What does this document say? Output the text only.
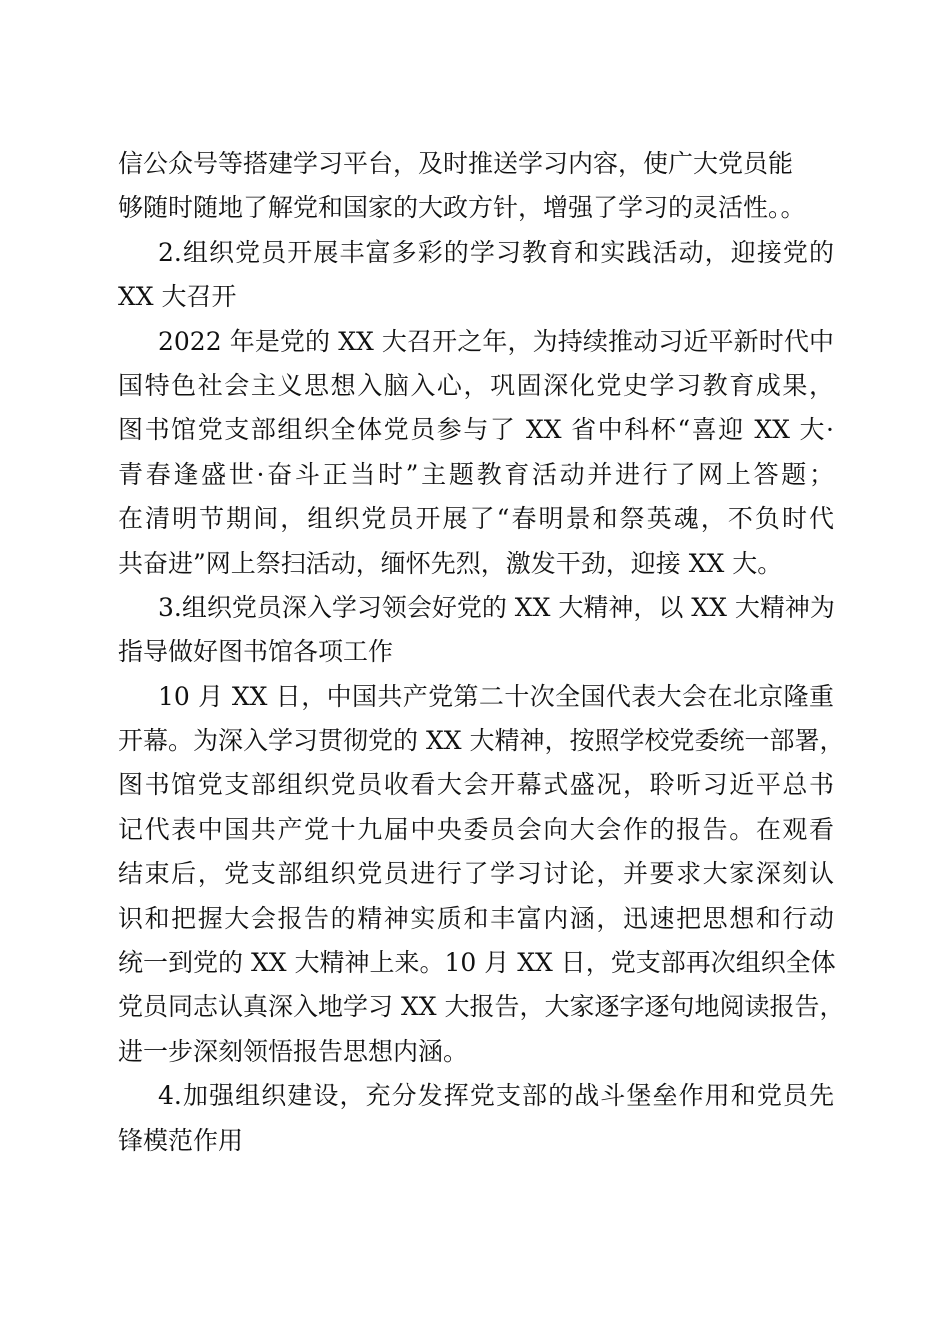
信公众号等搭建学习平台，及时推送学习内容，使广大党员能
够随时随地了解党和国家的大政方针，增强了学习的灵活性。。
2.组织党员开展丰富多彩的学习教育和实践活动，迎接党的
XX 大召开
2022 年是党的 XX 大召开之年，为持续推动习近平新时代中
国特色社会主义思想入脑入心，巩固深化党史学习教育成果，
图书馆党支部组织全体党员参与了 XX 省中科杯“喜迎 XX 大·
青春逢盛世·奋斗正当时”主题教育活动并进行了网上答题；
在清明节期间，组织党员开展了“春明景和祭英魂，不负时代
共奋进”网上祭扫活动，缅怀先烈，激发干劲，迎接 XX 大。
3.组织党员深入学习领会好党的 XX 大精神，以 XX 大精神为
指导做好图书馆各项工作
10 月 XX 日，中国共产党第二十次全国代表大会在北京隆重
开幕。为深入学习贯彻党的 XX 大精神，按照学校党委统一部署，
图书馆党支部组织党员收看大会开幕式盛况，聆听习近平总书
记代表中国共产党十九届中央委员会向大会作的报告。在观看
结束后，党支部组织党员进行了学习讨论，并要求大家深刻认
识和把握大会报告的精神实质和丰富内涵，迅速把思想和行动
统一到党的 XX 大精神上来。10 月 XX 日，党支部再次组织全体
党员同志认真深入地学习 XX 大报告，大家逐字逐句地阅读报告，
进一步深刻领悟报告思想内涵。
4.加强组织建设，充分发挥党支部的战斗堡垒作用和党员先
锋模范作用
